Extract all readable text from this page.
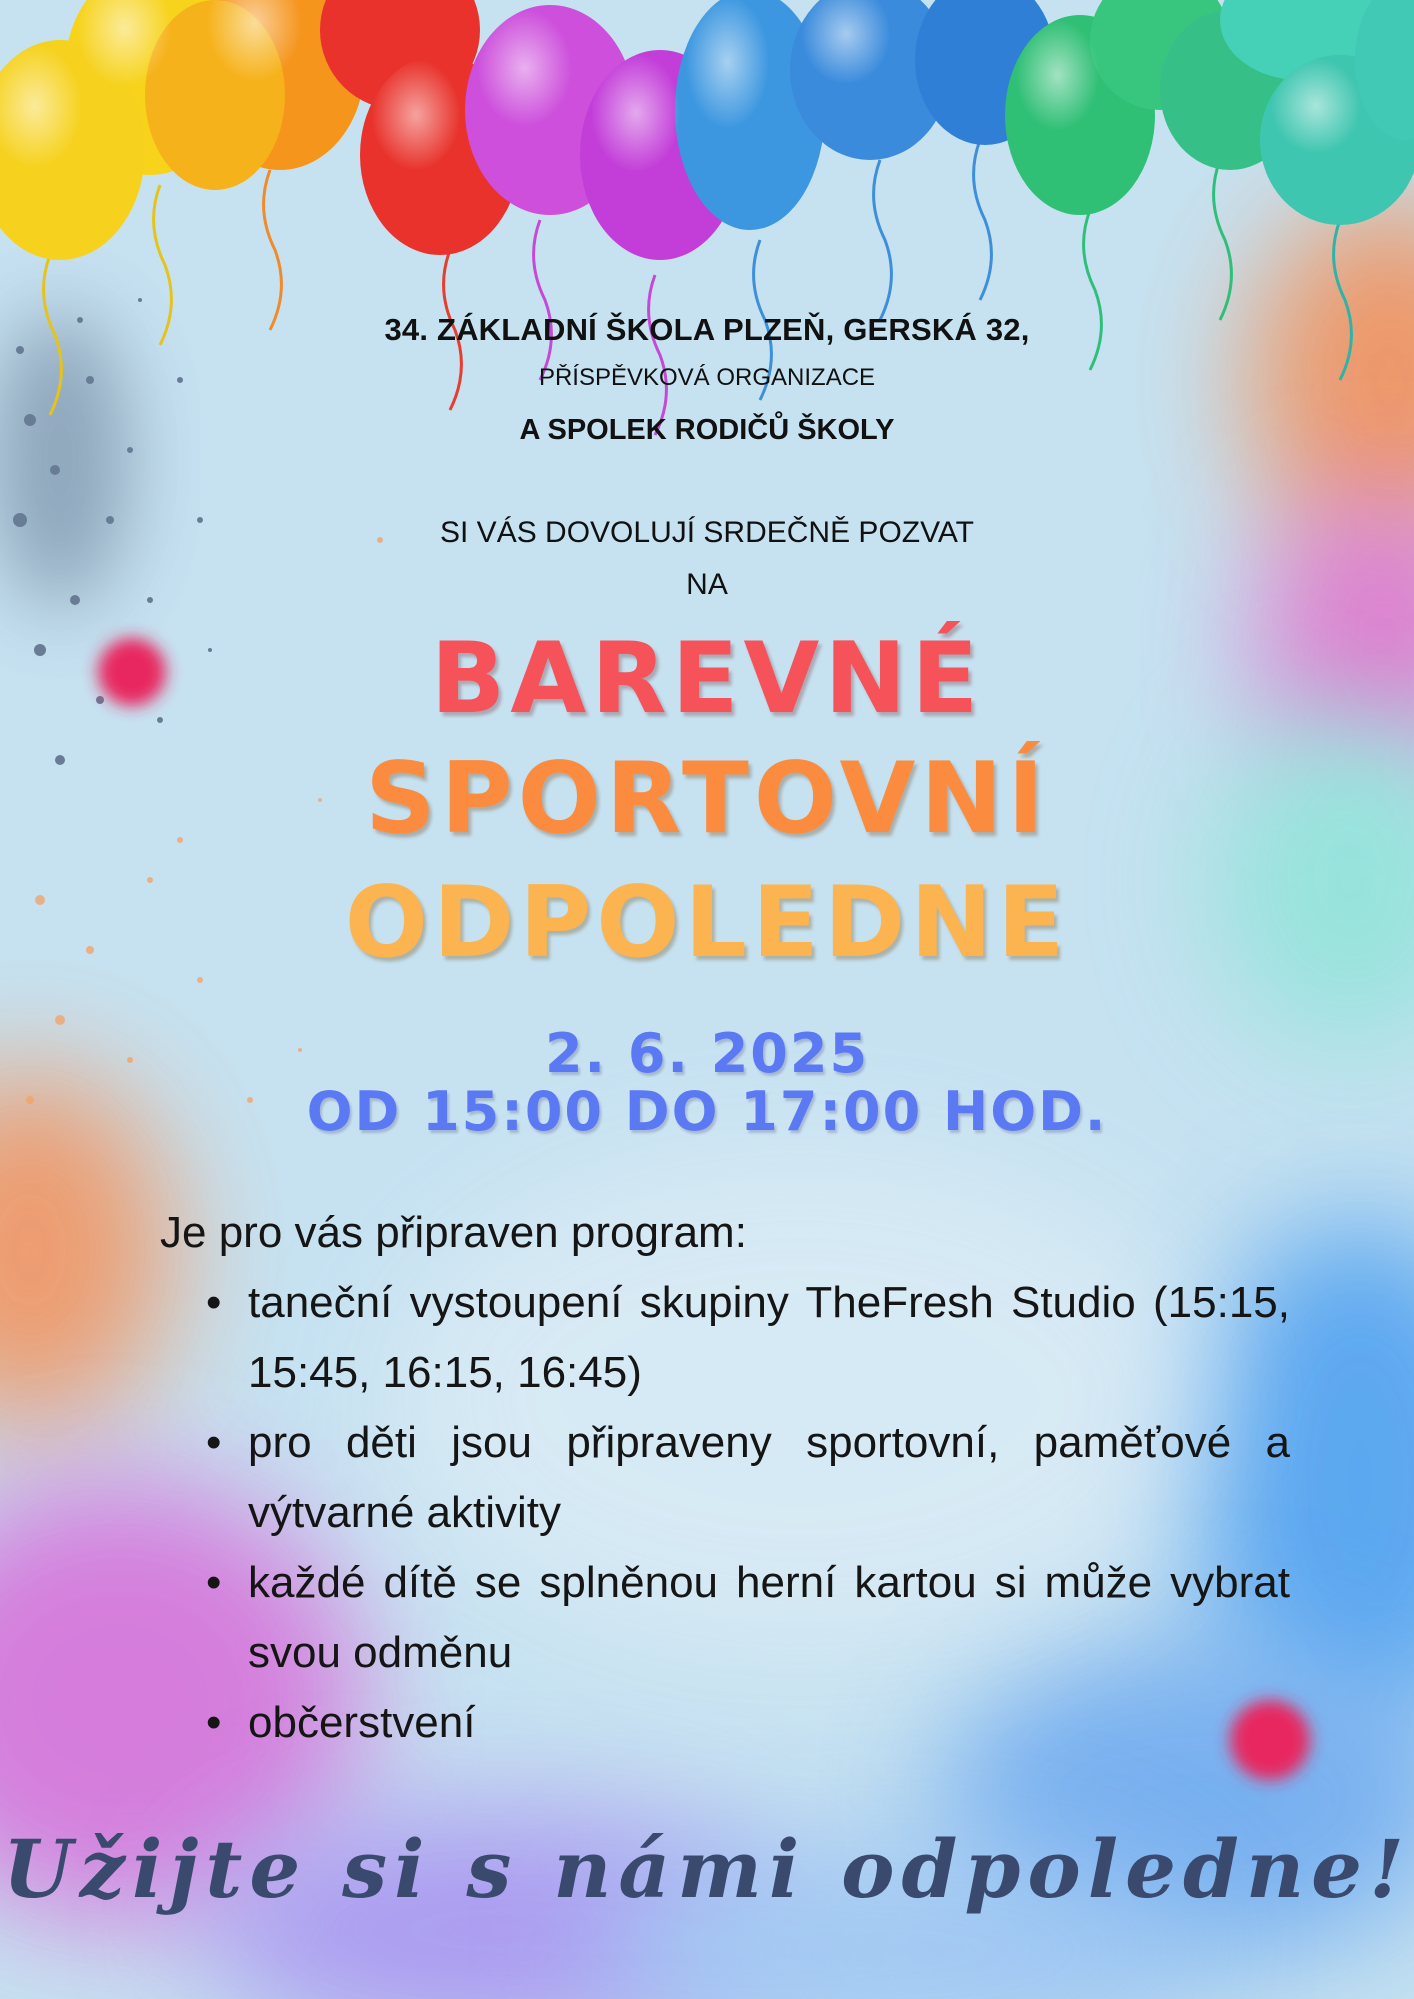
34. ZÁKLADNÍ ŠKOLA PLZEŇ, GERSKÁ 32,
PŘÍSPĚVKOVÁ ORGANIZACE
A SPOLEK RODIČŮ ŠKOLY
SI VÁS DOVOLUJÍ SRDEČNĚ POZVAT
NA
BAREVNÉ
SPORTOVNÍ
ODPOLEDNE
2. 6. 2025
OD 15:00 DO 17:00 HOD.

Je pro vás připraven program:

• taneční vystoupení skupiny TheFresh Studio (15:15, 15:45, 16:15, 16:45)
• pro děti jsou připraveny sportovní, paměťové a výtvarné aktivity
• každé dítě se splněnou herní kartou si může vybrat svou odměnu
• občerstvení
Užijte si s námi odpoledne!
